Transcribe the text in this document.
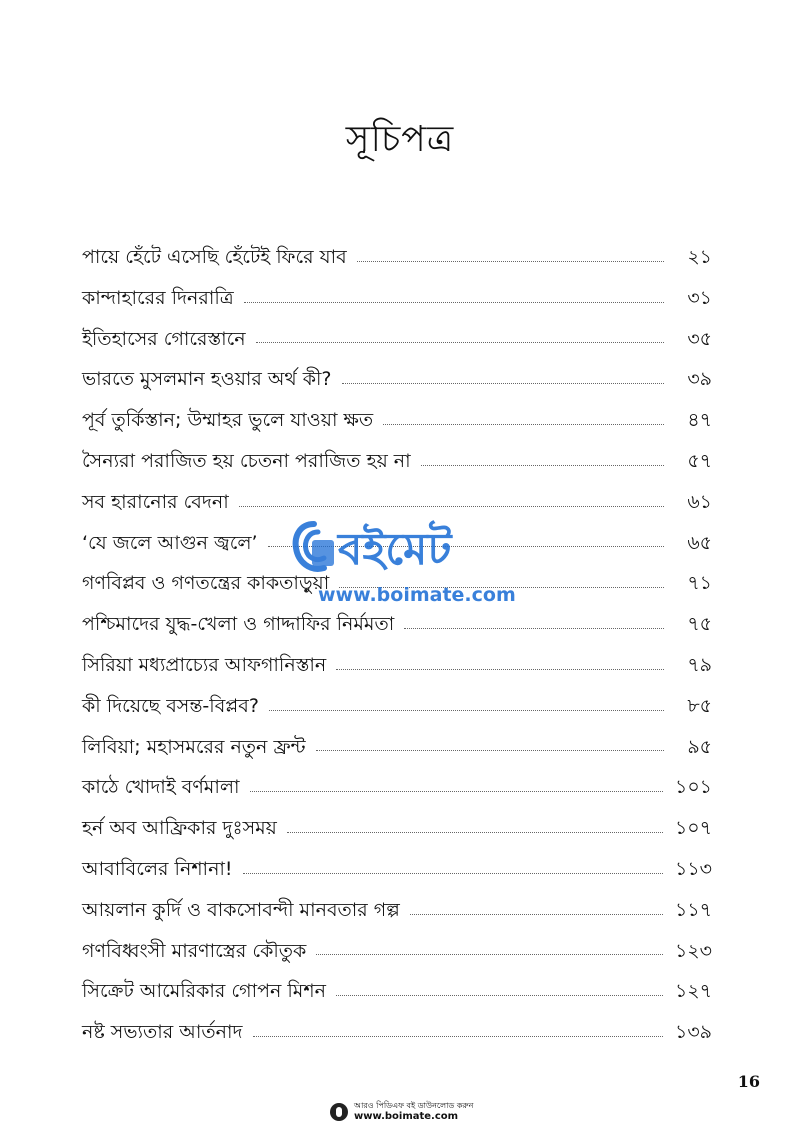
সূচিপত্র
পায়ে হেঁটে এসেছি হেঁটেই ফিরে যাব	২১
কান্দাহারের দিনরাত্রি	৩১
ইতিহাসের গোরেস্তানে	৩৫
ভারতে মুসলমান হওয়ার অর্থ কী?	৩৯
পূর্ব তুর্কিস্তান; উম্মাহর ভুলে যাওয়া ক্ষত	৪৭
সৈন্যরা পরাজিত হয় চেতনা পরাজিত হয় না	৫৭
সব হারানোর বেদনা	৬১
‘যে জলে আগুন জ্বলে’	৬৫
গণবিপ্লব ও গণতন্ত্রের কাকতাড়ুয়া	৭১
পশ্চিমাদের যুদ্ধ-খেলা ও গাদ্দাফির নির্মমতা	৭৫
সিরিয়া মধ্যপ্রাচ্যের আফগানিস্তান	৭৯
কী দিয়েছে বসন্ত-বিপ্লব?	৮৫
লিবিয়া; মহাসমরের নতুন ফ্রন্ট	৯৫
কাঠে খোদাই বর্ণমালা	১০১
হর্ন অব আফ্রিকার দুঃসময়	১০৭
আবাবিলের নিশানা!	১১৩
আয়লান কুর্দি ও বাকসোবন্দী মানবতার গল্প	১১৭
গণবিধ্বংসী মারণাস্ত্রের কৌতুক	১২৩
সিক্রেট আমেরিকার গোপন মিশন	১২৭
নষ্ট সভ্যতার আর্তনাদ	১৩৯
বইমেট
www.boimate.com
16
আরও পিডিএফ বই ডাউনলোড করুন
www.boimate.com
